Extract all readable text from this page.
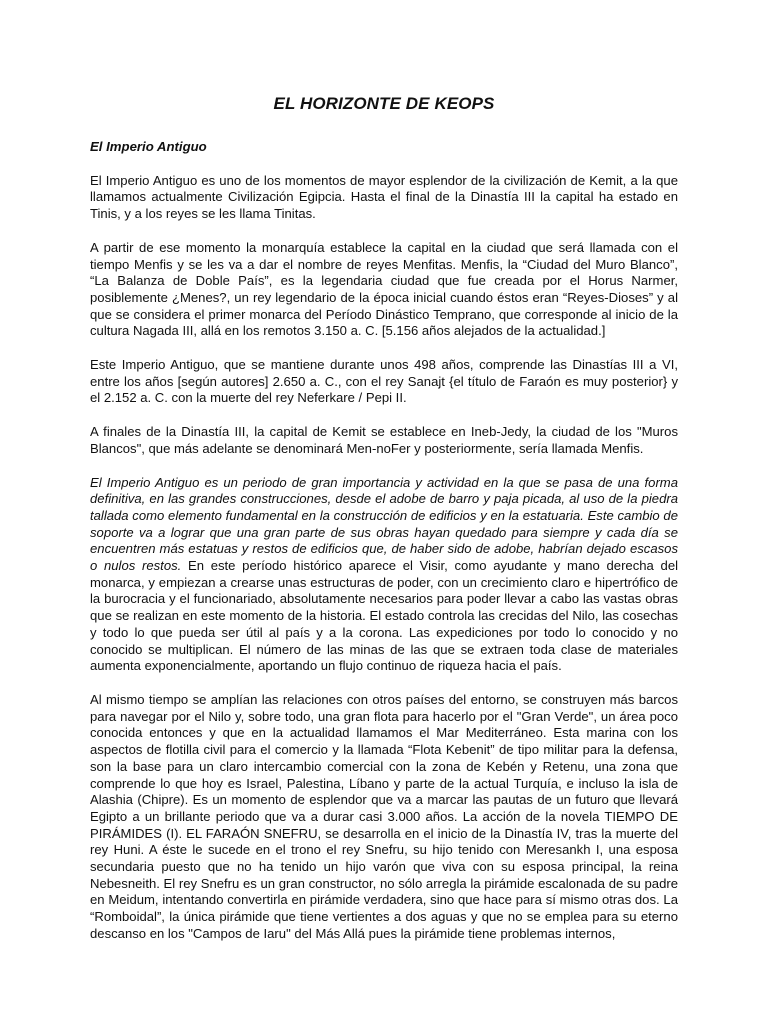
EL HORIZONTE DE KEOPS
El Imperio Antiguo

El Imperio Antiguo es uno de los momentos de mayor esplendor de la civilización de Kemit, a la que llamamos actualmente Civilización Egipcia. Hasta el final de la Dinastía III la capital ha estado en Tinis, y a los reyes se les llama Tinitas.

A partir de ese momento la monarquía establece la capital en la ciudad que será llamada con el tiempo Menfis y se les va a dar el nombre de reyes Menfitas. Menfis, la “Ciudad del Muro Blanco”, “La Balanza de Doble País”, es la legendaria ciudad que fue creada por el Horus Narmer, posiblemente ¿Menes?, un rey legendario de la época inicial cuando éstos eran “Reyes-Dioses” y al que se considera el primer monarca del Período Dinástico Temprano, que corresponde al inicio de la cultura Nagada III, allá en los remotos 3.150 a. C. [5.156 años alejados de la actualidad.]

Este Imperio Antiguo, que se mantiene durante unos 498 años, comprende las Dinastías III a VI, entre los años [según autores] 2.650 a. C., con el rey Sanajt {el título de Faraón es muy posterior} y el 2.152 a. C. con la muerte del rey Neferkare / Pepi II.

A finales de la Dinastía III, la capital de Kemit se establece en Ineb-Jedy, la ciudad de los "Muros Blancos", que más adelante se denominará Men-noFer y posteriormente, sería llamada Menfis.

El Imperio Antiguo es un periodo de gran importancia y actividad en la que se pasa de una forma definitiva, en las grandes construcciones, desde el adobe de barro y paja picada, al uso de la piedra tallada como elemento fundamental en la construcción de edificios y en la estatuaria. Este cambio de soporte va a lograr que una gran parte de sus obras hayan quedado para siempre y cada día se encuentren más estatuas y restos de edificios que, de haber sido de adobe, habrían dejado escasos o nulos restos. En este período histórico aparece el Visir, como ayudante y mano derecha del monarca, y empiezan a crearse unas estructuras de poder, con un crecimiento claro e hipertrófico de la burocracia y el funcionariado, absolutamente necesarios para poder llevar a cabo las vastas obras que se realizan en este momento de la historia. El estado controla las crecidas del Nilo, las cosechas y todo lo que pueda ser útil al país y a la corona. Las expediciones por todo lo conocido y no conocido se multiplican. El número de las minas de las que se extraen toda clase de materiales aumenta exponencialmente, aportando un flujo continuo de riqueza hacia el país.

Al mismo tiempo se amplían las relaciones con otros países del entorno, se construyen más barcos para navegar por el Nilo y, sobre todo, una gran flota para hacerlo por el "Gran Verde", un área poco conocida entonces y que en la actualidad llamamos el Mar Mediterráneo. Esta marina con los aspectos de flotilla civil para el comercio y la llamada “Flota Kebenit” de tipo militar para la defensa, son la base para un claro intercambio comercial con la zona de Kebén y Retenu, una zona que comprende lo que hoy es Israel, Palestina, Líbano y parte de la actual Turquía, e incluso la isla de Alashia (Chipre). Es un momento de esplendor que va a marcar las pautas de un futuro que llevará Egipto a un brillante periodo que va a durar casi 3.000 años. La acción de la novela TIEMPO DE PIRÁMIDES (I). EL FARAÓN SNEFRU, se desarrolla en el inicio de la Dinastía IV, tras la muerte del rey Huni. A éste le sucede en el trono el rey Snefru, su hijo tenido con Meresankh I, una esposa secundaria puesto que no ha tenido un hijo varón que viva con su esposa principal, la reina Nebesneith. El rey Snefru es un gran constructor, no sólo arregla la pirámide escalonada de su padre en Meidum, intentando convertirla en pirámide verdadera, sino que hace para sí mismo otras dos. La “Romboidal”, la única pirámide que tiene vertientes a dos aguas y que no se emplea para su eterno descanso en los "Campos de Iaru" del Más Allá pues la pirámide tiene problemas internos,
